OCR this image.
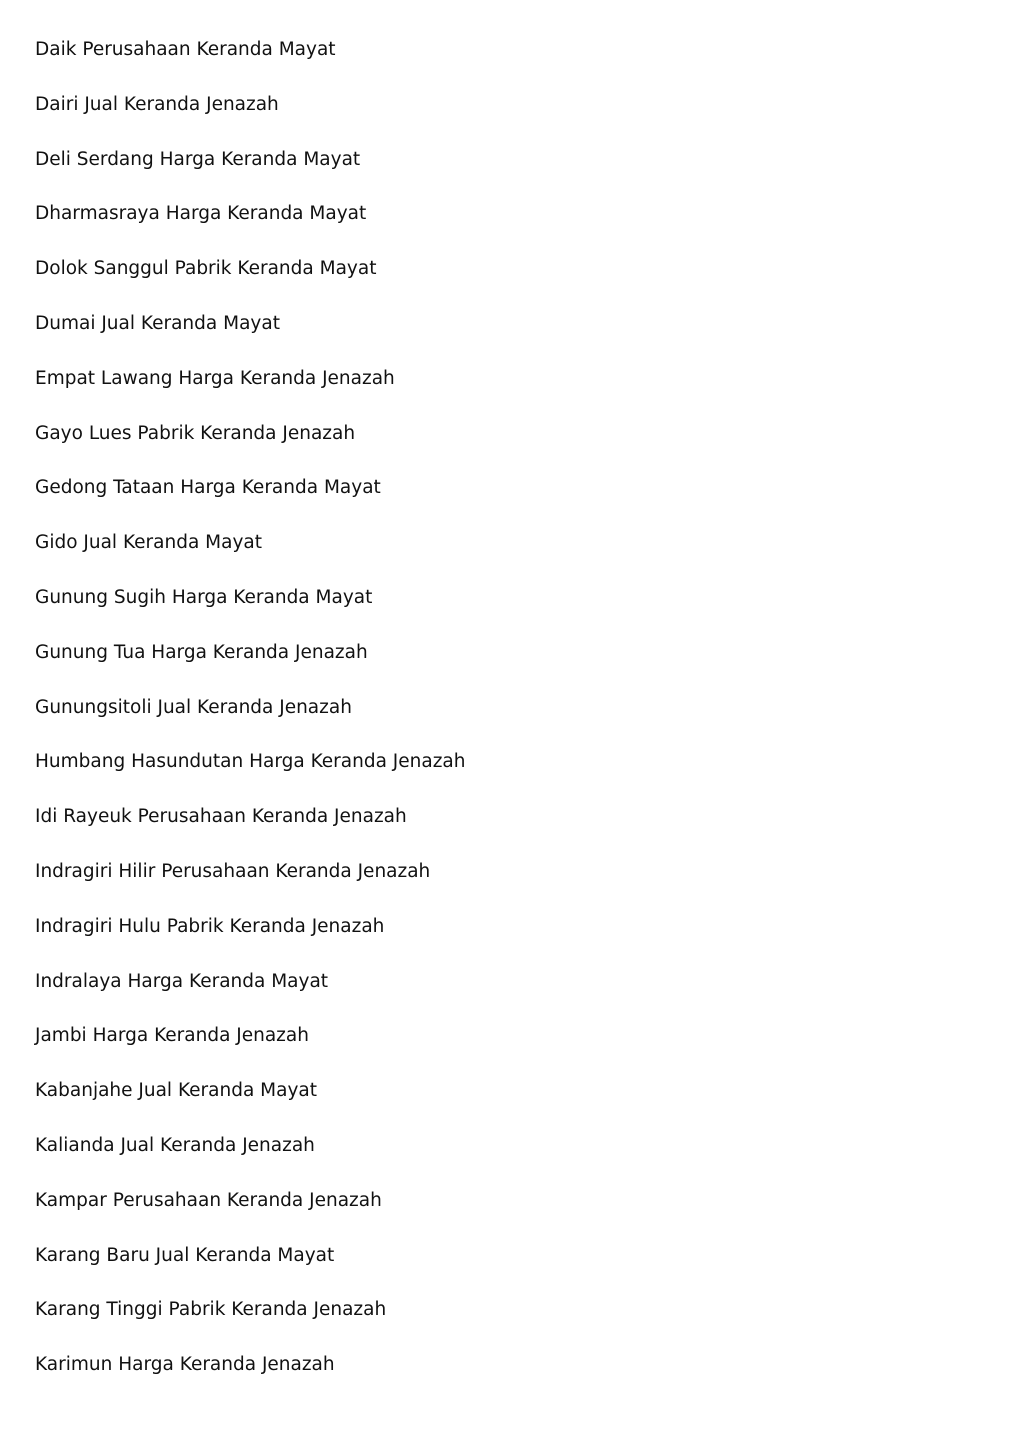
Daik Perusahaan Keranda Mayat
Dairi Jual Keranda Jenazah
Deli Serdang Harga Keranda Mayat
Dharmasraya Harga Keranda Mayat
Dolok Sanggul Pabrik Keranda Mayat
Dumai Jual Keranda Mayat
Empat Lawang Harga Keranda Jenazah
Gayo Lues Pabrik Keranda Jenazah
Gedong Tataan Harga Keranda Mayat
Gido Jual Keranda Mayat
Gunung Sugih Harga Keranda Mayat
Gunung Tua Harga Keranda Jenazah
Gunungsitoli Jual Keranda Jenazah
Humbang Hasundutan Harga Keranda Jenazah
Idi Rayeuk Perusahaan Keranda Jenazah
Indragiri Hilir Perusahaan Keranda Jenazah
Indragiri Hulu Pabrik Keranda Jenazah
Indralaya Harga Keranda Mayat
Jambi Harga Keranda Jenazah
Kabanjahe Jual Keranda Mayat
Kalianda Jual Keranda Jenazah
Kampar Perusahaan Keranda Jenazah
Karang Baru Jual Keranda Mayat
Karang Tinggi Pabrik Keranda Jenazah
Karimun Harga Keranda Jenazah
